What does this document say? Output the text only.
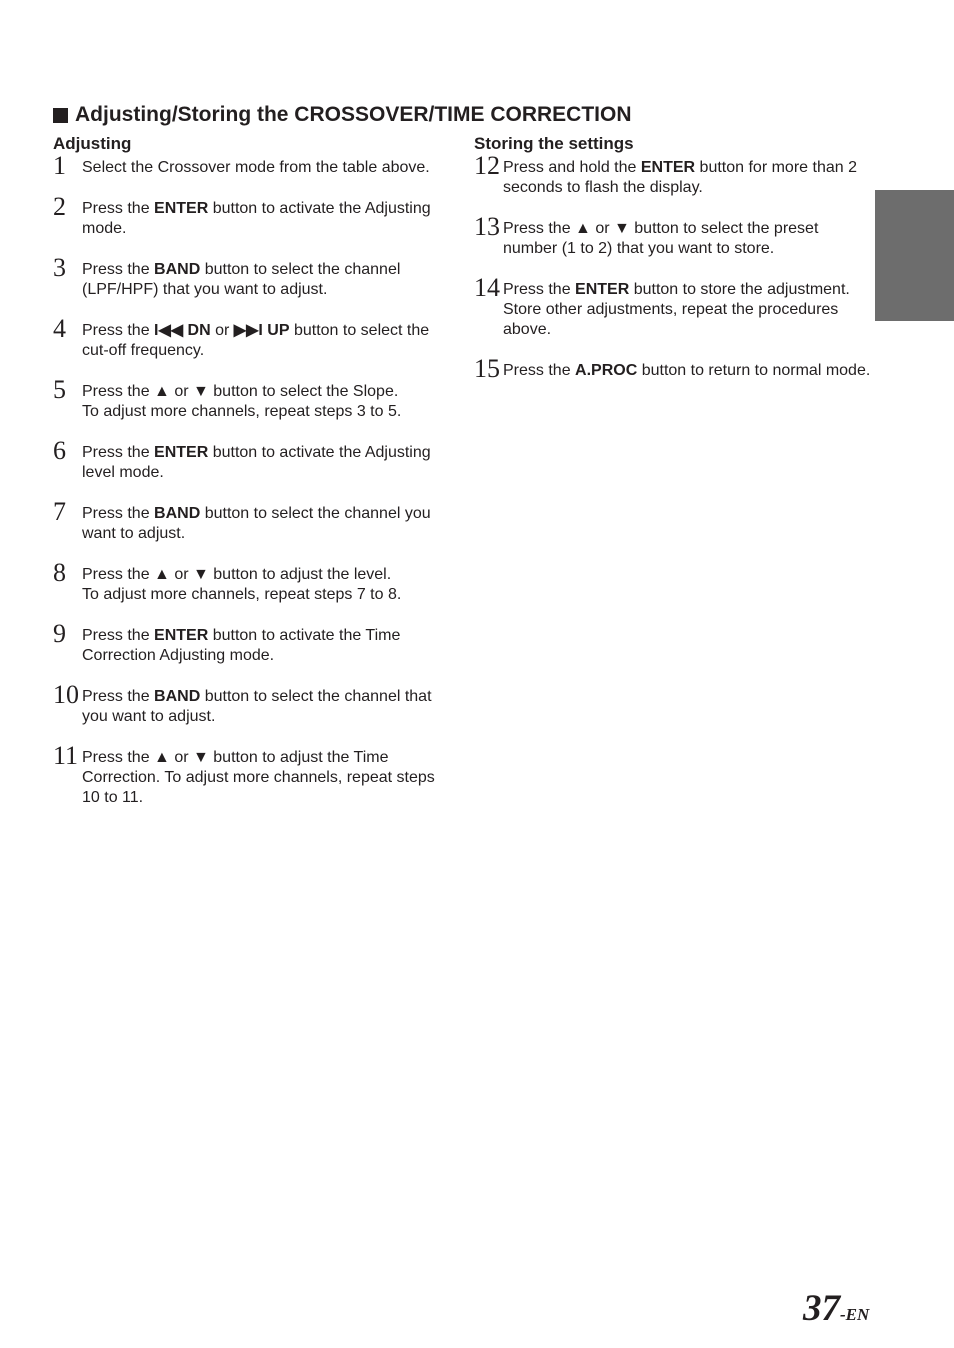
Adjusting/Storing the CROSSOVER/TIME CORRECTION
Adjusting
1 Select the Crossover mode from the table above.
2 Press the ENTER button to activate the Adjusting mode.
3 Press the BAND button to select the channel (LPF/HPF) that you want to adjust.
4 Press the I◀◀ DN or ▶▶I UP button to select the cut-off frequency.
5 Press the ▲ or ▼ button to select the Slope.
To adjust more channels, repeat steps 3 to 5.
6 Press the ENTER button to activate the Adjusting level mode.
7 Press the BAND button to select the channel you want to adjust.
8 Press the ▲ or ▼ button to adjust the level.
To adjust more channels, repeat steps 7 to 8.
9 Press the ENTER button to activate the Time Correction Adjusting mode.
10 Press the BAND button to select the channel that you want to adjust.
11 Press the ▲ or ▼ button to adjust the Time Correction. To adjust more channels, repeat steps 10 to 11.
Storing the settings
12 Press and hold the ENTER button for more than 2 seconds to flash the display.
13 Press the ▲ or ▼ button to select the preset number (1 to 2) that you want to store.
14 Press the ENTER button to store the adjustment. Store other adjustments, repeat the procedures above.
15 Press the A.PROC button to return to normal mode.
37-EN
